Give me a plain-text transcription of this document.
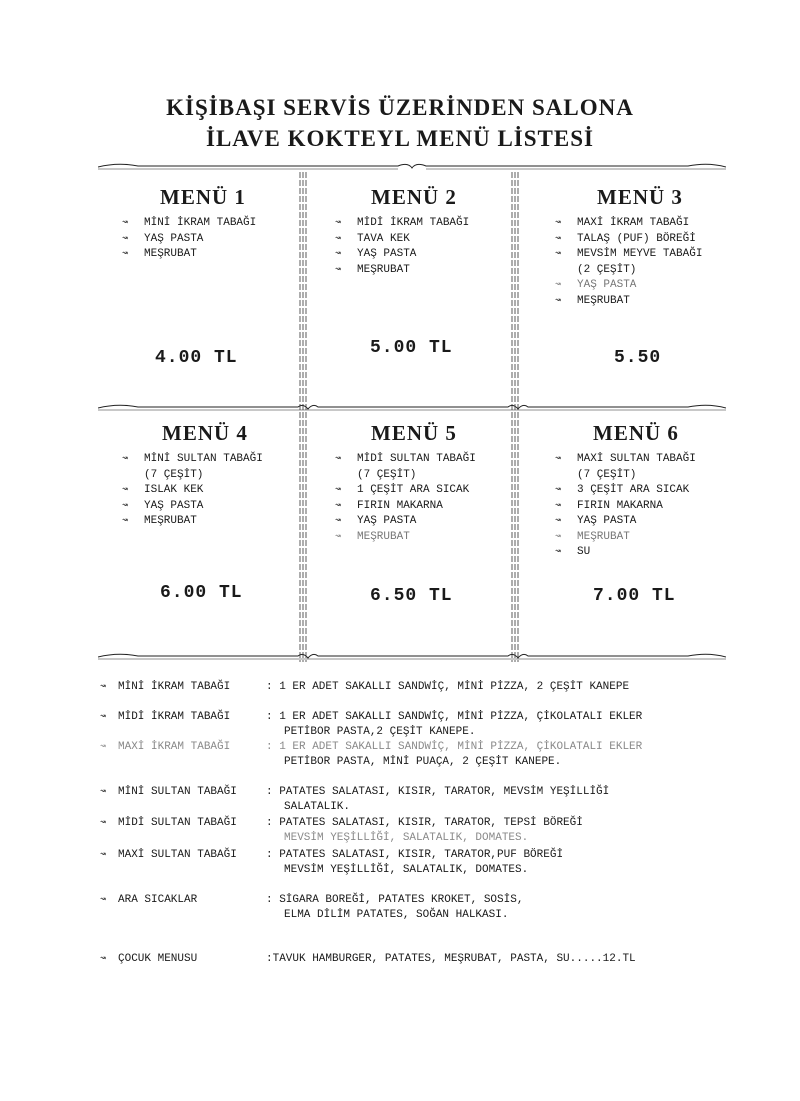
KİŞİBAŞI SERVİS ÜZERİNDEN SALONA
İLAVE KOKTEYL MENÜ LİSTESİ
MENÜ 1
↝ MİNİ İKRAM TABAĞI
↝ YAŞ PASTA
↝ MEŞRUBAT
4.00 TL
MENÜ 2
↝ MİDİ İKRAM TABAĞI
↝ TAVA KEK
↝ YAŞ PASTA
↝ MEŞRUBAT
5.00 TL
MENÜ 3
↝ MAXİ İKRAM TABAĞI
↝ TALAŞ (PUF) BÖREĞİ
↝ MEVSİM MEYVE TABAĞI
(2 ÇEŞİT)
↝ YAŞ PASTA
↝ MEŞRUBAT
5.50
MENÜ 4
↝ MİNİ SULTAN TABAĞI
(7 ÇEŞİT)
↝ ISLAK KEK
↝ YAŞ PASTA
↝ MEŞRUBAT
6.00 TL
MENÜ 5
↝ MİDİ SULTAN TABAĞI
(7 ÇEŞİT)
↝ 1 ÇEŞİT ARA SICAK
↝ FIRIN MAKARNA
↝ YAŞ PASTA
↝ MEŞRUBAT
6.50 TL
MENÜ 6
↝ MAXİ SULTAN TABAĞI
(7 ÇEŞİT)
↝ 3 ÇEŞİT ARA SICAK
↝ FIRIN MAKARNA
↝ YAŞ PASTA
↝ MEŞRUBAT
↝ SU
7.00 TL
↝ MİNİ İKRAM TABAĞI	: 1 ER ADET SAKALLI SANDWİÇ, MİNİ PİZZA, 2 ÇEŞİT KANEPE
↝ MİDİ İKRAM TABAĞI	: 1 ER ADET SAKALLI SANDWİÇ, MİNİ PİZZA, ÇİKOLATALI EKLER
PETİBOR PASTA,2 ÇEŞİT KANEPE.
↝ MAXİ İKRAM TABAĞI	: 1 ER ADET SAKALLI SANDWİÇ, MİNİ PİZZA, ÇİKOLATALI EKLER
PETİBOR PASTA, MİNİ PUAÇA, 2 ÇEŞİT KANEPE.
↝ MİNİ SULTAN TABAĞI	: PATATES SALATASI, KISIR, TARATOR, MEVSİM YEŞİLLİĞİ
SALATALIK.
↝ MİDİ SULTAN TABAĞI	: PATATES SALATASI, KISIR, TARATOR, TEPSİ BÖREĞİ
MEVSİM YEŞİLLİĞİ, SALATALIK, DOMATES.
↝ MAXİ SULTAN TABAĞI	: PATATES SALATASI, KISIR, TARATOR,PUF BÖREĞİ
MEVSİM YEŞİLLİĞİ, SALATALIK, DOMATES.
↝ ARA SICAKLAR	: SİGARA BOREĞİ, PATATES KROKET, SOSİS,
ELMA DİLİM PATATES, SOĞAN HALKASI.
↝ ÇOCUK MENUSU	:TAVUK HAMBURGER, PATATES, MEŞRUBAT, PASTA, SU.....12.TL
